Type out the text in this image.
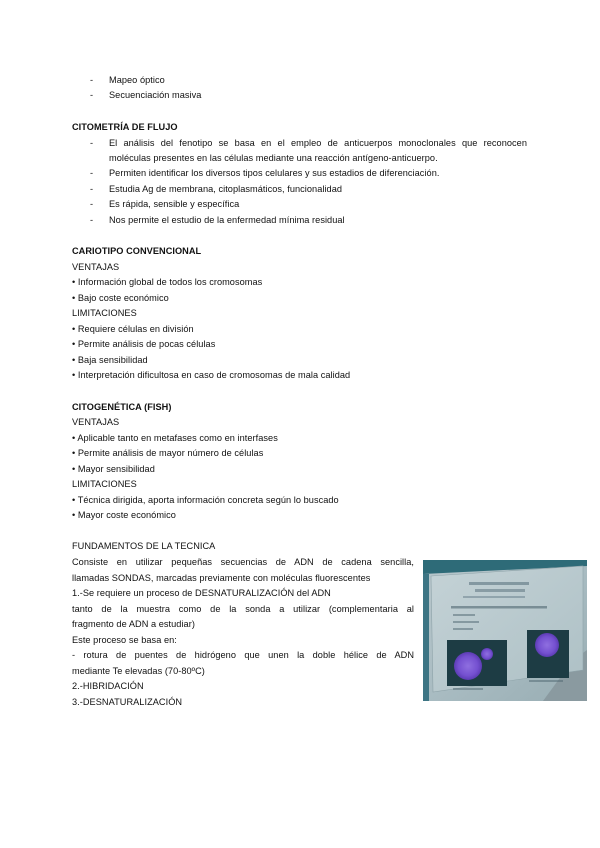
- Mapeo óptico
- Secuenciación masiva
CITOMETRÍA DE FLUJO
- El análisis del fenotipo se basa en el empleo de anticuerpos monoclonales que reconocen
moléculas presentes en las células mediante una reacción antígeno-anticuerpo.
- Permiten identificar los diversos tipos celulares y sus estadios de diferenciación.
- Estudia Ag de membrana, citoplasmáticos, funcionalidad
- Es rápida, sensible y específica
- Nos permite el estudio de la enfermedad mínima residual
CARIOTIPO CONVENCIONAL
VENTAJAS
• Información global de todos los cromosomas
• Bajo coste económico
LIMITACIONES
• Requiere células en división
• Permite análisis de pocas células
• Baja sensibilidad
• Interpretación dificultosa en caso de cromosomas de mala calidad
CITOGENÉTICA (FISH)
VENTAJAS
• Aplicable tanto en metafases como en interfases
• Permite análisis de mayor número de células
• Mayor sensibilidad
LIMITACIONES
• Técnica dirigida, aporta información concreta según lo buscado
• Mayor coste económico
FUNDAMENTOS DE LA TECNICA
Consiste en utilizar pequeñas secuencias de ADN de cadena sencilla,
llamadas SONDAS, marcadas previamente con moléculas fluorescentes
1.-Se requiere un proceso de DESNATURALIZACIÓN del ADN
tanto de la muestra como de la sonda a utilizar (complementaria al
fragmento de ADN a estudiar)
Este proceso se basa en:
- rotura de puentes de hidrógeno que unen la doble hélice de ADN
mediante Te elevadas (70-80ºC)
2.-HIBRIDACIÓN
3.-DESNATURALIZACIÓN
